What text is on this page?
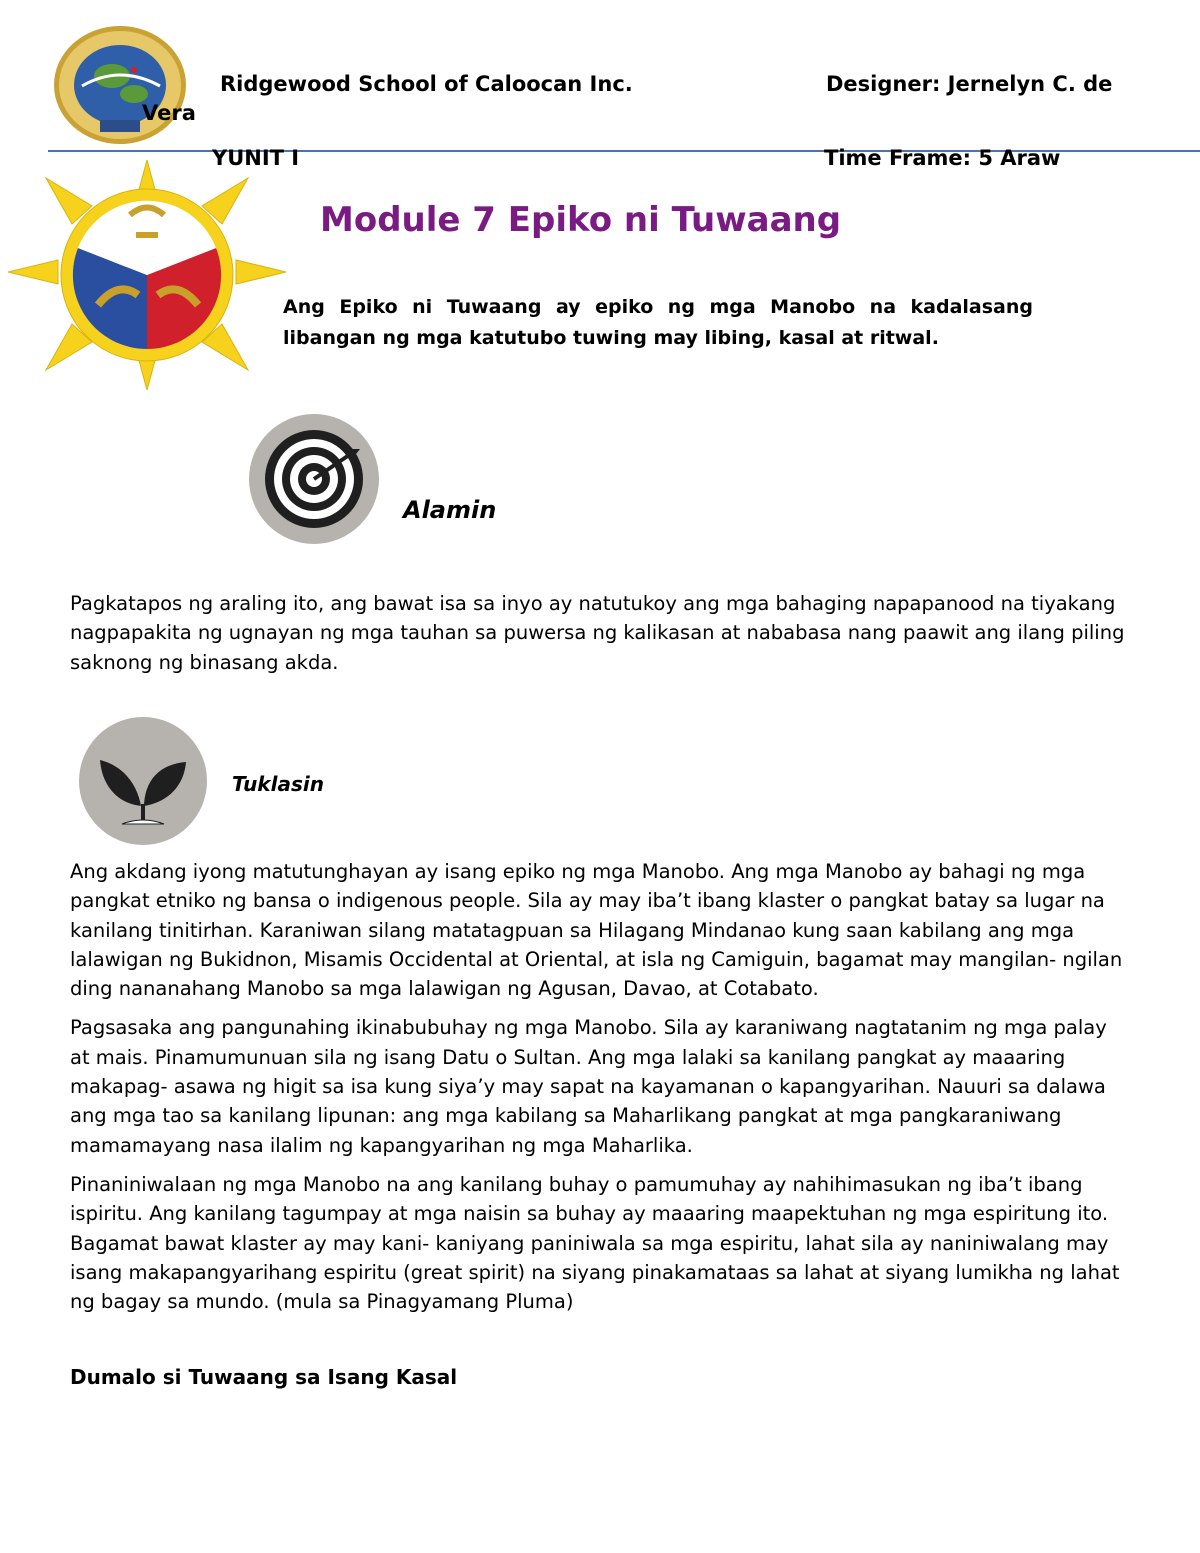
Ridgewood School of Caloocan Inc.	Designer: Jernelyn C. de
Vera
YUNIT I	Time Frame: 5 Araw
Module 7 Epiko ni Tuwaang
Ang Epiko ni Tuwaang ay epiko ng mga Manobo na kadalasang libangan ng mga katutubo tuwing may libing, kasal at ritwal.
Alamin

Pagkatapos ng araling ito, ang bawat isa sa inyo ay natutukoy ang mga bahaging napapanood na tiyakang nagpapakita ng ugnayan ng mga tauhan sa puwersa ng kalikasan at nababasa nang paawit ang ilang piling saknong ng binasang akda.

Tuklasin

Ang akdang iyong matutunghayan ay isang epiko ng mga Manobo. Ang mga Manobo ay bahagi ng mga pangkat etniko ng bansa o indigenous people. Sila ay may iba’t ibang klaster o pangkat batay sa lugar na kanilang tinitirhan. Karaniwan silang matatagpuan sa Hilagang Mindanao kung saan kabilang ang mga lalawigan ng Bukidnon, Misamis Occidental at Oriental, at isla ng Camiguin, bagamat may mangilan- ngilan ding nananahang Manobo sa mga lalawigan ng Agusan, Davao, at Cotabato.

Pagsasaka ang pangunahing ikinabubuhay ng mga Manobo. Sila ay karaniwang nagtatanim ng mga palay at mais. Pinamumunuan sila ng isang Datu o Sultan. Ang mga lalaki sa kanilang pangkat ay maaaring makapag- asawa ng higit sa isa kung siya’y may sapat na kayamanan o kapangyarihan. Nauuri sa dalawa ang mga tao sa kanilang lipunan: ang mga kabilang sa Maharlikang pangkat at mga pangkaraniwang mamamayang nasa ilalim ng kapangyarihan ng mga Maharlika.

Pinaniniwalaan ng mga Manobo na ang kanilang buhay o pamumuhay ay nahihimasukan ng iba’t ibang ispiritu. Ang kanilang tagumpay at mga naisin sa buhay ay maaaring maapektuhan ng mga espiritung ito. Bagamat bawat klaster ay may kani- kaniyang paniniwala sa mga espiritu, lahat sila ay naniniwalang may isang makapangyarihang espiritu (great spirit) na siyang pinakamataas sa lahat at siyang lumikha ng lahat ng bagay sa mundo. (mula sa Pinagyamang Pluma)

Dumalo si Tuwaang sa Isang Kasal
